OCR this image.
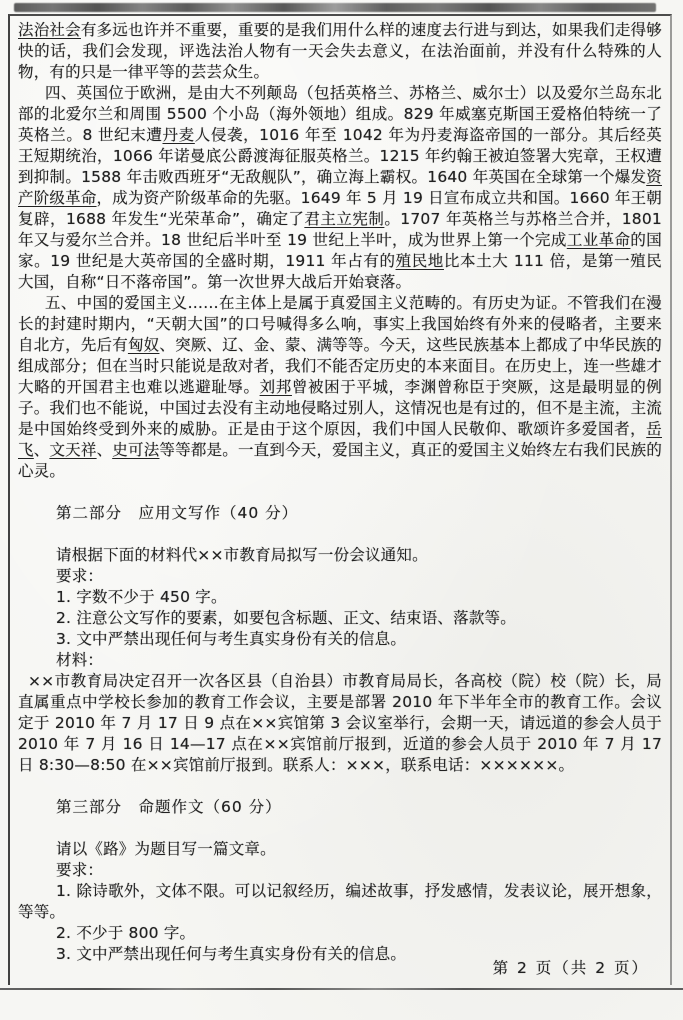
法治社会有多远也许并不重要，重要的是我们用什么样的速度去行进与到达，如果我们走得够快的话，我们会发现，评选法治人物有一天会失去意义，在法治面前，并没有什么特殊的人物，有的只是一律平等的芸芸众生。

四、英国位于欧洲，是由大不列颠岛（包括英格兰、苏格兰、威尔士）以及爱尔兰岛东北部的北爱尔兰和周围 5500 个小岛（海外领地）组成。829 年威塞克斯国王爱格伯特统一了英格兰。8 世纪末遭丹麦人侵袭，1016 年至 1042 年为丹麦海盗帝国的一部分。其后经英王短期统治，1066 年诺曼底公爵渡海征服英格兰。1215 年约翰王被迫签署大宪章，王权遭到抑制。1588 年击败西班牙“无敌舰队”，确立海上霸权。1640 年英国在全球第一个爆发资产阶级革命，成为资产阶级革命的先驱。1649 年 5 月 19 日宣布成立共和国。1660 年王朝复辟，1688 年发生“光荣革命”，确定了君主立宪制。1707 年英格兰与苏格兰合并，1801 年又与爱尔兰合并。18 世纪后半叶至 19 世纪上半叶，成为世界上第一个完成工业革命的国家。19 世纪是大英帝国的全盛时期，1911 年占有的殖民地比本土大 111 倍，是第一殖民大国，自称“日不落帝国”。第一次世界大战后开始衰落。

五、中国的爱国主义……在主体上是属于真爱国主义范畴的。有历史为证。不管我们在漫长的封建时期内，“天朝大国”的口号喊得多么响，事实上我国始终有外来的侵略者，主要来自北方，先后有匈奴、突厥、辽、金、蒙、满等等。今天，这些民族基本上都成了中华民族的组成部分；但在当时只能说是敌对者，我们不能否定历史的本来面目。在历史上，连一些雄才大略的开国君主也难以逃避耻辱。刘邦曾被困于平城，李渊曾称臣于突厥，这是最明显的例子。我们也不能说，中国过去没有主动地侵略过别人，这情况也是有过的，但不是主流，主流是中国始终受到外来的威胁。正是由于这个原因，我们中国人民敬仰、歌颂许多爱国者，岳飞、文天祥、史可法等等都是。一直到今天，爱国主义，真正的爱国主义始终左右我们民族的心灵。

第二部分　应用文写作（40 分）

请根据下面的材料代××市教育局拟写一份会议通知。

要求：

1. 字数不少于 450 字。

2. 注意公文写作的要素，如要包含标题、正文、结束语、落款等。

3. 文中严禁出现任何与考生真实身份有关的信息。

材料：

××市教育局决定召开一次各区县（自治县）市教育局局长，各高校（院）校（院）长，局直属重点中学校长参加的教育工作会议，主要是部署 2010 年下半年全市的教育工作。会议定于 2010 年 7 月 17 日 9 点在××宾馆第 3 会议室举行，会期一天，请远道的参会人员于 2010 年 7 月 16 日 14—17 点在××宾馆前厅报到，近道的参会人员于 2010 年 7 月 17 日 8:30—8:50 在××宾馆前厅报到。联系人：×××，联系电话：××××××。

第三部分　命题作文（60 分）

请以《路》为题目写一篇文章。

要求：

1. 除诗歌外，文体不限。可以记叙经历，编述故事，抒发感情，发表议论，展开想象，等等。

2. 不少于 800 字。

3. 文中严禁出现任何与考生真实身份有关的信息。

第 2 页（共 2 页）
